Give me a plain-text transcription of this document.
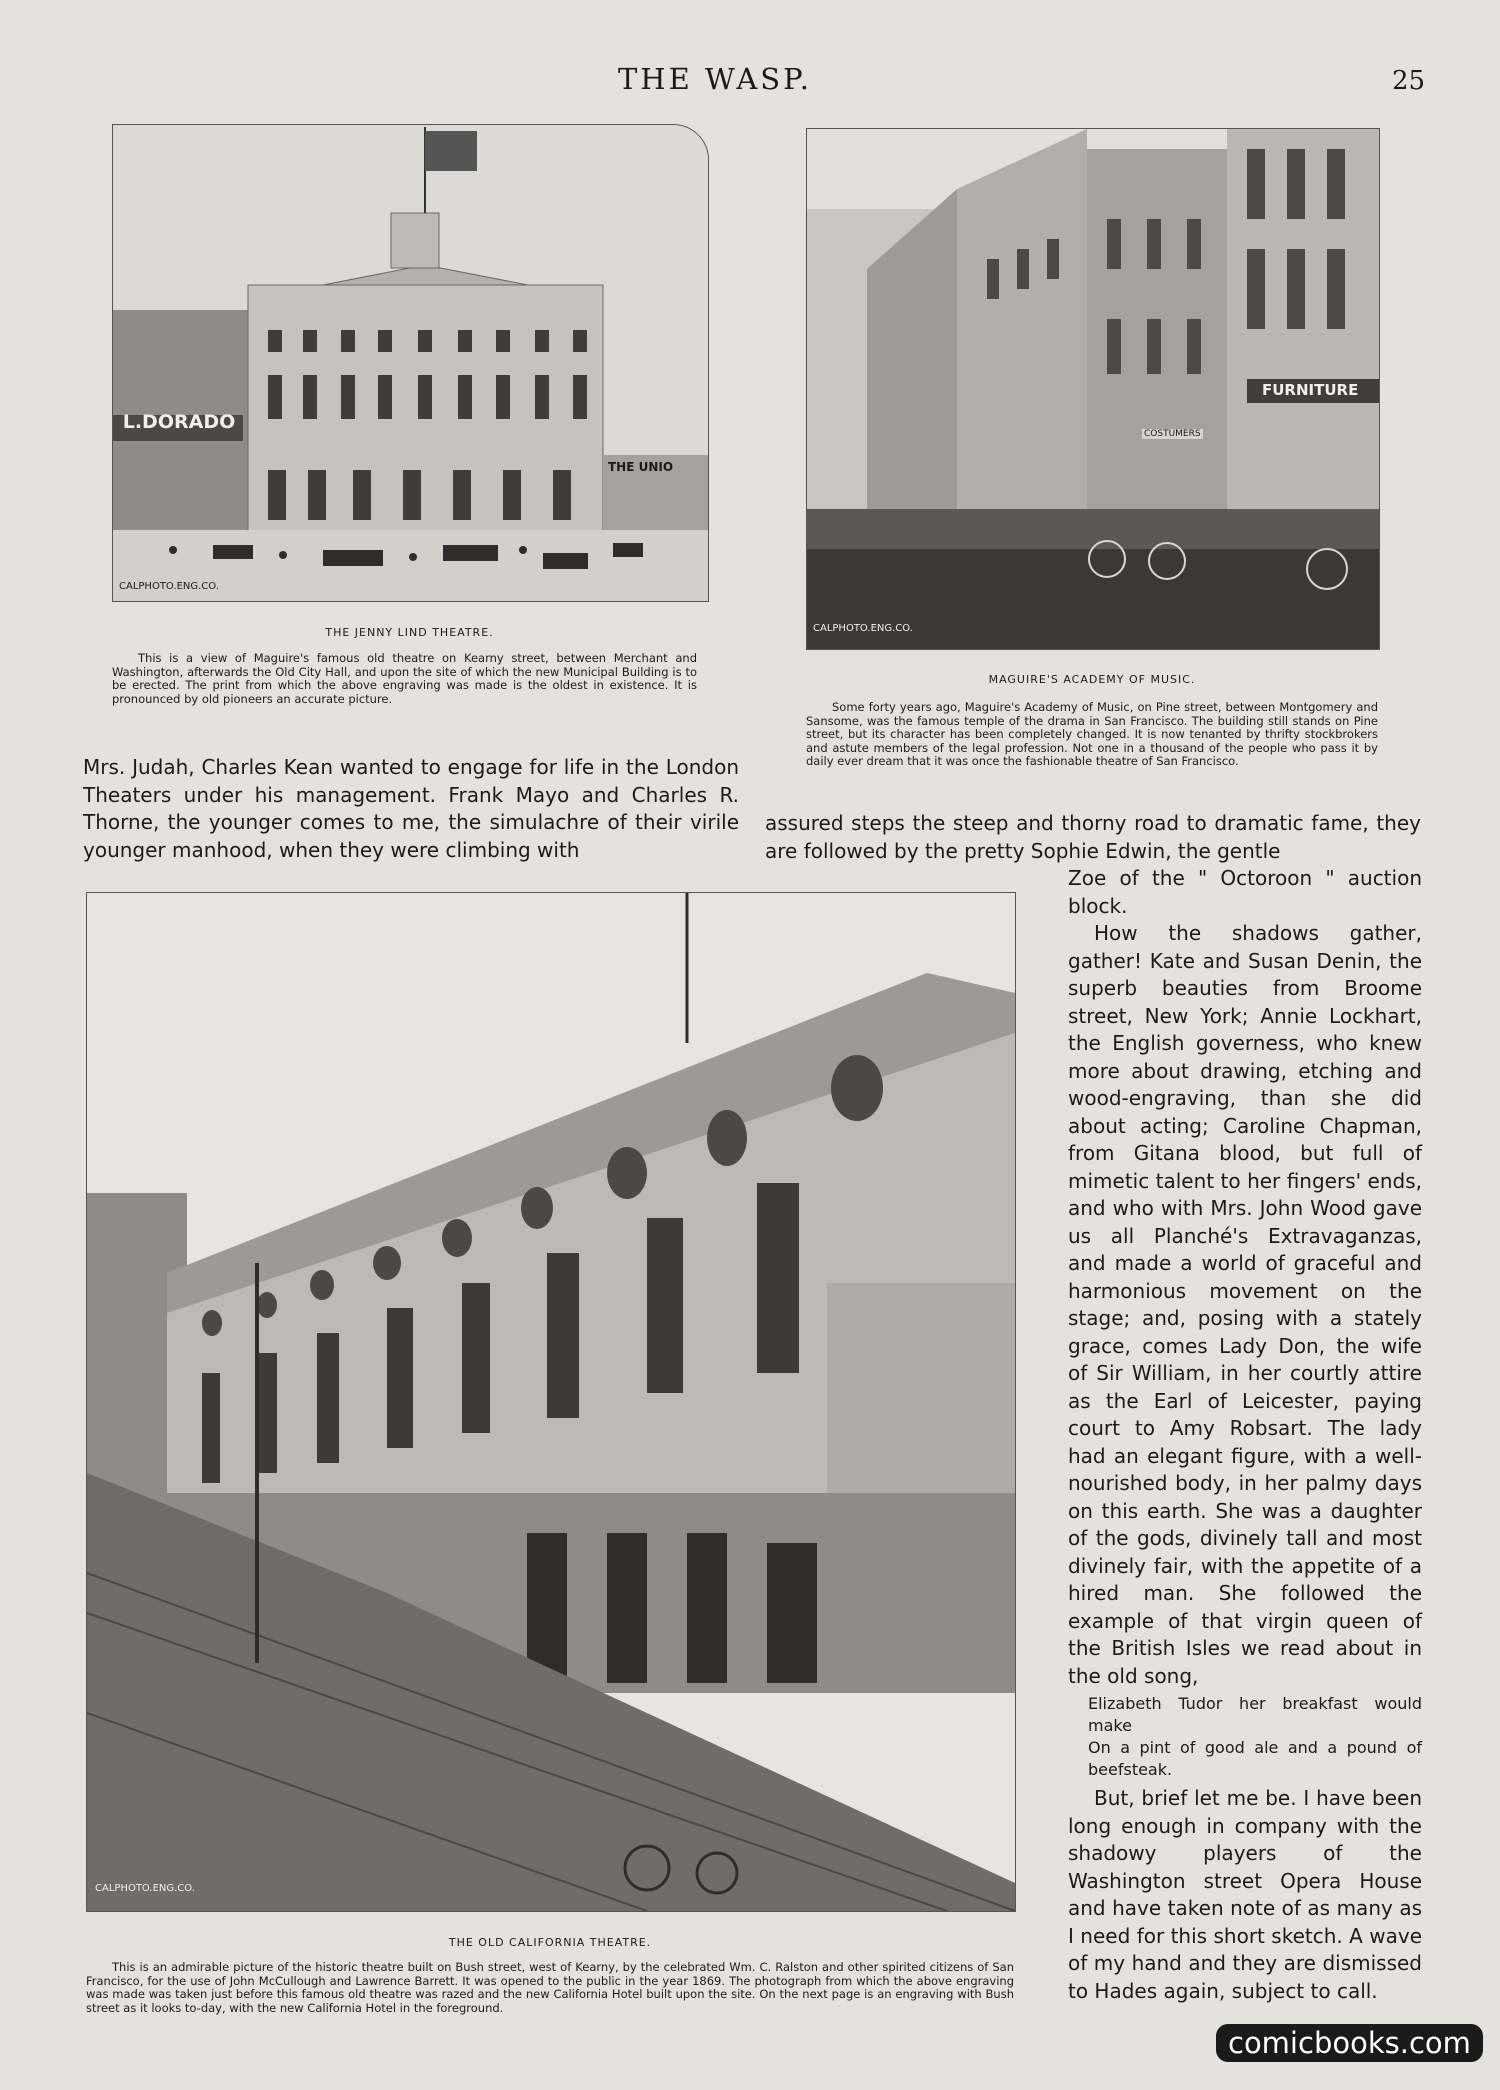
THE WASP.	25
L.DORADO
THE UNIO
CALPHOTO.ENG.CO.
THE JENNY LIND THEATRE.
This is a view of Maguire's famous old theatre on Kearny street, between Merchant and Washington, afterwards the Old City Hall, and upon the site of which the new Municipal Building is to be erected. The print from which the above engraving was made is the oldest in existence. It is pronounced by old pioneers an accurate picture.
FURNITURE
COSTUMERS
CALPHOTO.ENG.CO.
MAGUIRE'S ACADEMY OF MUSIC.
Some forty years ago, Maguire's Academy of Music, on Pine street, between Montgomery and Sansome, was the famous temple of the drama in San Francisco. The building still stands on Pine street, but its character has been completely changed. It is now tenanted by thrifty stockbrokers and astute members of the legal profession. Not one in a thousand of the people who pass it by daily ever dream that it was once the fashionable theatre of San Francisco.
Mrs. Judah, Charles Kean wanted to engage for life in the London Theaters under his management. Frank Mayo and Charles R. Thorne, the younger comes to me, the simulachre of their virile younger manhood, when they were climbing with
assured steps the steep and thorny road to dramatic fame, they are followed by the pretty Sophie Edwin, the gentle
CALPHOTO.ENG.CO.
THE OLD CALIFORNIA THEATRE.
This is an admirable picture of the historic theatre built on Bush street, west of Kearny, by the celebrated Wm. C. Ralston and other spirited citizens of San Francisco, for the use of John McCullough and Lawrence Barrett. It was opened to the public in the year 1869. The photograph from which the above engraving was made was taken just before this famous old theatre was razed and the new California Hotel built upon the site. On the next page is an engraving with Bush street as it looks to-day, with the new California Hotel in the foreground.

Zoe of the " Octoroon " auction block.

How the shadows gather, gather! Kate and Susan Denin, the superb beauties from Broome street, New York; Annie Lockhart, the English governess, who knew more about drawing, etching and wood-engraving, than she did about acting; Caroline Chapman, from Gitana blood, but full of mimetic talent to her fingers' ends, and who with Mrs. John Wood gave us all Planché's Extravaganzas, and made a world of graceful and harmonious movement on the stage; and, posing with a stately grace, comes Lady Don, the wife of Sir William, in her courtly attire as the Earl of Leicester, paying court to Amy Robsart. The lady had an elegant figure, with a well-nourished body, in her palmy days on this earth. She was a daughter of the gods, divinely tall and most divinely fair, with the appetite of a hired man. She followed the example of that virgin queen of the British Isles we read about in the old song,

Elizabeth Tudor her breakfast would make
On a pint of good ale and a pound of beefsteak.

But, brief let me be. I have been long enough in company with the shadowy players of the Washington street Opera House and have taken note of as many as I need for this short sketch. A wave of my hand and they are dismissed to Hades again, subject to call.

comicbooks.com
